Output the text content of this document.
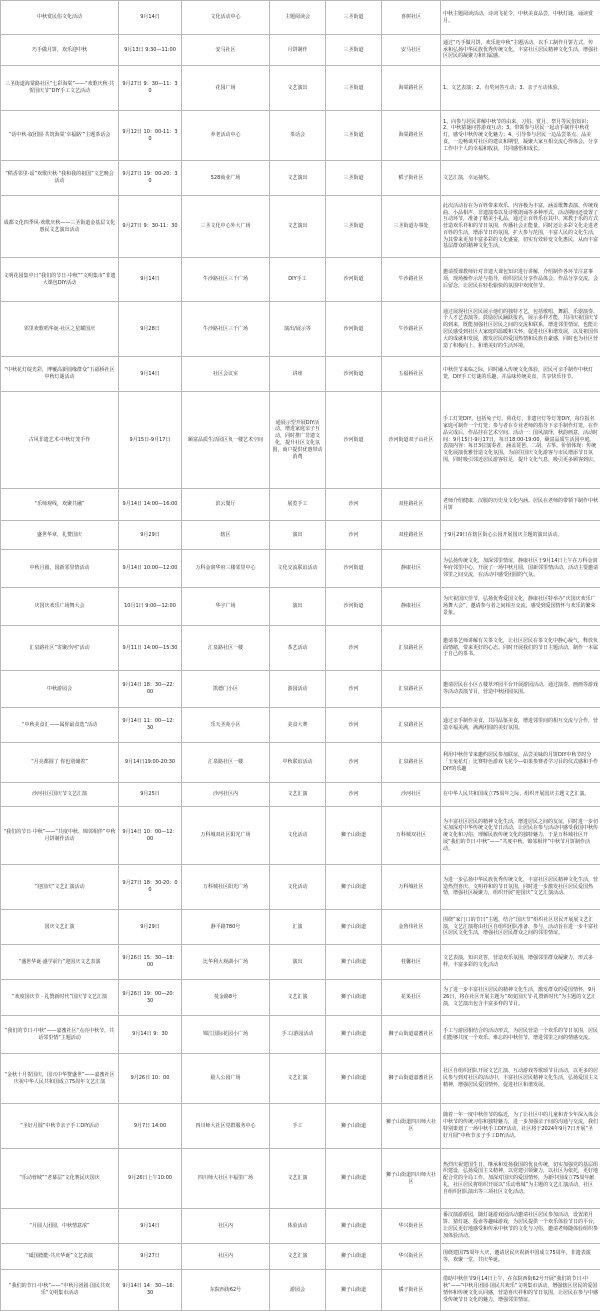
中秋赏民俗文化活动	9月14日	文化活动中心	主题阅读会	三圣街道	喜树社区	中秋主题阅读活动，诗词飞花令，中秋美食品尝，中秋灯谜，诵读赏月。
巧手做月饼，欢乐迎中秋	9月13日 9:30—11:00	安马社区	月饼制作	三圣街道	安马社区	通过“巧手做月饼，欢乐迎中秋”主题活动，以手工制作月饼方式，传承和弘扬中华民族优秀传统文化，丰富社区居民精神文化生活，增强社区居民的凝聚力和归属感。
三圣街道海棠路社区“七彩海棠”——“欢歌庆秋·共贺国庆节”DIY手工文艺活动	9月27日 9：30—11：30	花园广场	文艺演出	三圣街道	海棠路社区	1、文艺表演；2、有奖问答互动；3、亲子互动体验。
“话中秋·叙团圆·共筑海棠‘幸福路’”主题茶话会	9月12日 10：00-11：30	养老活动中心	茶话会	三圣街道	海棠路社区	1、向参与居民讲解中秋节的由来、习俗、赏月、祭月等民俗知识；2、中秋猜谜问答游戏互动；3、带领参与居民一起动手制作中秋花灯，感受中秋传统文化魅力；4、引导参与居民一边品尝茶点、品美食，一边畅谈对社区的建议和期望，凝聚大家互相交流心得体会，分享工作中个人的幸福和收获，共同感悟和成长。
“稻香邻里·谣”欢歌庆秋·“我和我的祖国”文艺晚会活动	9月27日 19：00-20：30	528商业广场	文艺演出	三圣街道	稻子街社区	文艺汇演，幸运抽奖。
成都文化四季风·欢歌庆秋——三圣街道金基层文化惠民文艺演出活动	9月27日 9：30-11：30	三圣文化中心外大广场	文艺演出	三圣街道	三圣街道办事处	此次活动旨在为百姓带来欢乐，内容极为丰富，涵盖歌舞表演、传统戏曲、小品相声、非遗演奏以及诗歌朗诵等多种形式，活动期间还设置了互动环节，准备了精美小礼品，通过让百姓乐在其中、寓教于乐的方式营造欢乐祥和的节日氛围，传播社会正能量。同时还让多彩文化走进老百姓的生活，增添节日的氛围，扩大参与范围，丰富人民的文化生活，为其带来更加丰富多彩的文化盛宴，切实有效转变文化惠民，从而丰富基层群众的精神文化生活。
文明花园集中日“我们的节日·中秋”“文明集市”非遗大课包DIY活动	9月14日	牛沙路社区三千广场	DIY手工	沙河街道	牛沙路社区	邀请授课教师针对非遗大课包知识进行讲解，介绍制作各环节注意事项，现场操作示范与指导，组织居民分享作品体会。作品分享交流，会后留念，让居民在轻松愉快的氛围中欢度佳节。
邻里欢歌唱华诞·社区之星耀国庆	9月28日	牛沙路社区三千广场	演出/展示等	沙河街道	牛沙路社区	通过展现社区居民展示他们的独特才艺，包括歌唱、舞蹈、乐器演奏、个人才艺表演等。鼓励居民踊跃报名，展示多样才能，共同庆祝国庆节的到来，既能加强社区居民之间的交流和联系，增进邻里情谊，也能让居民感受到社区大家庭的温暖和关怀。促进社区和谐发展，以及祖国伟大的成就和发展，激发居民的爱国热情和民族自豪感，同时也为社区营造了积极向上、和谐美好的生活环境。
“中秋花灯绽光彩，博覆高新圆缘群众”五福桥社区中秋灯谜活动	9月14日	社区会议室	讲座	沙河街道	五福桥社区	中秋佳节来临之际，同时融入传统文化体验，居民可亲手制作中秋灯笼，DIY手工灯谜的乐趣，并品味传统美食，共享快乐佳节。
古风非遗艺术·中秋灯笼手作	9月15日-9月17日	颐富品质生活园区负一楼艺术空间	通展示型开展DIY活动，增进家庭亲子互动，同时推广非遗文化，提升社区文化氛围，商户提供优惠带动消费	沙河街道	沙河街道双子山社区	手工灯笼DIY。包括兔子灯、荷花灯、非遗宫灯等灯笼DIY，每位报名家庭可制作一个灯笼；参与者在专业老师的指导下亲手制作灯笼，在作品完成后，作品挂在艺术空间。活动一：国风演绎，秋韵画意，活动时间：9月15日-9月17日，每日18:00-19:00，颐富品质生活园中庭。表演内容：每日3位演奏者，涵盖琵琶、二胡、古筝。价值体现：传统文化展演优雅营造文化氛围，为前往国庆文化游客与市民增添节日氛围，同时吸引邻近居民游客驻足，提升文化气息，吸引更多顾客到店。
“乐师观线，欢聚共融”	9月14日 14:00—16:00	滨云餐厅	展览手工	沙河	双桂路社区	老师介绍健康、汉服的历史及文化内涵。居民在老师的带领下制作中秋月饼
盛世华章，礼赞国庆	9月29日	辖区	演出	沙河	双桂路社区	于9月29日在辖区街心公园开展国庆主题的演出活动。
中秋月圆，国新邻里情活动	9月14日 10:00—12:00	万科金润华府三楼邻里中心	文化交流联谊活动	沙河街道	静康社区	为弘扬传统文化，加深邻里情谊，静康社区于9月14日上午在万科金润华府邻里中心，开展了一场中秋月圆，国新邻里情活动，活动主要邀请邻里之间交流，在活动中感受团圆的气氛。
庆国庆欢乐广场舞大会	10月1日 9:00—12:00	华宇广场	演出	沙河街道	静康社区	为庆祝国庆佳节，弘扬优秀爱国文化，静康社区特举办“庆国庆欢乐广场舞大会”，邀请参与者之间相互交流，感受到爱国情怀与欢乐的繁荣景象。
汇泉路社区“寄聚沙河”活动	9月11日 14:00—15:30	汇泉路社区一楼	茶艺活动	沙河	汇泉路社区	邀请茶艺师讲解有关茶文化，让社区居民在茶文化中静心凝气，释放负面情绪，带来更好的心态。同时开展我们的节日主题活动，制作一本属于自己的茶书。
中秋游园会	9月14日 18：30—22：00	凯德门小区	游园活动	沙河	汇泉路社区	邀请居民在小区五楼草坪园平台开展游园活动，通过演奏、画画等游戏等活动表演节目，营造中秋团圆氛围。
“中秋美食汇——属你最食选”活动	9月14日 11：00—12：30	乐天圣苑小区	美食大赛	沙河	汇泉路社区	通过亲手制作美食，共同品鉴美食，增进邻里间的相互交流与合作，营造幸福美满，满满团圆的美好氛围。
“月亮都圆了 你也别储着”	9月14日19:00-20:30	汇泉路社区一楼	中秋联谊活动	沙河	汇泉路社区	利用中秋佳节来邀约居民参加联谊，品尝美味的月饼DIY中秋节时分「玉兔花灯」比赛特色游戏飞花令—如果参赛者学习目的仪式感和手作DIY的乐趣
沙河社区国庆节文艺汇演	9月25日	沙河社区内	文艺汇演	沙河	沙河社区	在中华人民共和国成立75周年之际，组织开展国庆主题文艺汇演。
“我们的节日·中秋”——“共度中秋、锦邻相伴”中秋月饼制作活动	9月14日 10：00—12：00	万科城双社区阳光广场	文化活动	狮子山街道	万科城双社区	为丰富社区居民的精神文化生活，增进居民之间的友谊，同时进一步切实加深对中华传统文化节日活动，让居民在参与活动中感受我国中秋传统文化和习俗，理解民族传统文化的独特魅力，于是万科城社区开展“我们的节日·中秋”——“共度中秋、锦邻相伴”中秋节月饼制作活动。
“迎国庆”文艺汇演活动	9月27日 18：30-20：00	万科城社区阳光广场	文化活动	狮子山街道	万科城社区	为进一步弘扬中华民族优秀传统文化，丰富社区居民精神文化生活，营造热烈喜庆、文明祥和的节日氛围，同时进一步激发社区居民爱国热情，增强社区凝聚力，组织开展“迎国庆”文艺汇演活动。
国庆文艺汇演	9月29日	静平路780号	汇演	狮子山街道	金鲁伟社区	围绕“家门口的节日”主题，结合“国庆节”组织社区居民开展展文艺汇演，文艺汇演将由社区自组织团队准备、参与，活动旨在进一步丰富社区居民文化生活，增强社区居民群众之间的邻里情谊。
“盛世华诞·盛学前行”迎国庆文艺表演	9月26日 15：30—18：00	比华利大观湖小广场	演出	狮子山街道	桂馨社区	文艺表演，知识竞答，营造欢乐氛围，增强邻里群众凝聚力，形式多样，丰富多彩的文化活动
“欢度国庆节 · 礼赞新时代”国庆节文艺汇演	9月26日 19：00—20：30	曼金路8号	文艺汇演	狮子山街道	花果社区	为了进一步丰富社区居民的精神文化生活，激发群众的爱国情怀，9月26日，将在社区开展主题为“欢度国庆节·礼赞新时代”为主题的文艺汇演，文艺演出包含丰富多样的节目。
“我们的节日·中秋”——嘉蜜社区“点亮中秋节，共话邻里情”主题活动	9月14日 9：30	锦江国际花园小广场	手工/游园活动	狮子山街道	狮子山街道嘉蜜社区	手工与游园相结合的活动形式，为居民营造一个欢乐的节日氛围，居民们能够共度一个欢乐、难忘的中秋佳节，增进邻里之间的情感交流。
“金秋十月贺国庆，国兴中华赞盛世”——嘉蜜社区庆祝中华人民共和国成立75周年文艺汇演	9月26日 10：00	励人公园广场	文艺汇演	狮子山街道	狮子山街道嘉蜜社区	社区自组织团队开展文艺汇演、互动游戏等歌颂节目活动，以更多的居民参与到对社区的活动中，丰富社区居民精神文化生活，弘扬爱国主义精神，增强居民爱国情怀，促进社区和谐发展。
“圣好月圆”中秋节亲子手工DIY活动	9月7日 14:00	四川师大社区党群服务中心	手工	狮子山街道	狮子山街道四川师大社区	随着一年一度中秋佳节的临近，为了让社区中的儿童和青少年深入体会中秋节的传统习俗和独特魅力，进一步加强亲子间的沟通与交流，我们特别策划了一场中秋手工DIY活动，社区将于2024年9月7日开展“圣好月圆”中秋节亲子手工DIY活动。
“乐动蓉城”“老幕层”文化赛民庆国庆	9月26日上午10:00	四川师大社区丰福里广场	文艺汇演	狮子山街道	狮子山街道四川师大社区	热烈庆祝建国生日，继承和发扬我国的优良传统，切实加强党的基层组织建设，弘扬爱国主义精神，以党建引领聚力，以社区为依托，更好地配合党的全局工作，加深对国庆的爱国情怀，为新中国成立75周年献礼，社区居民将组织开展以“乐动蓉城”为主题的文艺汇演活动，社区自组织团队演出等三项社区文化活动。
“月圆人团圆，中秋情意浓”	9月14日	社区内	体验活动	狮子山街道	华兴街社区	番汉演游游园，随灯谜游戏园活动邀请社区居民参加活动，设置滚月饼、猜灯谜、投壶等趣味游戏，为居民提供一个欢乐体验节日的平台，让居民更好地感受和传承中秋节的文化与习俗，邀请老师随体验组织参加体验活动。
“砥国德能·共庆华诞”文艺表演	9月27日	社区内	文艺汇演	狮子山街道	华兴街社区	围绕建国75周年大庆，邀请居民庆祝新中国成立75周年，非遗表演等，欢聚一堂，共庆华诞。
“我们的节日·中秋”——“中秋月团圆·国民共欢乐”文明集市活动	9月14日 14：30—16：30	东院西街62号	游园会	狮子山街道	橘子街社区	借助中秋佳节9月14日上午，在东院西街62号开展“我们的节日·中秋”——“中秋月团圆·国民共欢乐”文明集市活动，增强辖区居民的爱国情怀和传统文化认同感，营造喜庆祥和的节日氛围，让居民在参与中感受传统节日文化的魅力，增强邻里情谊。
